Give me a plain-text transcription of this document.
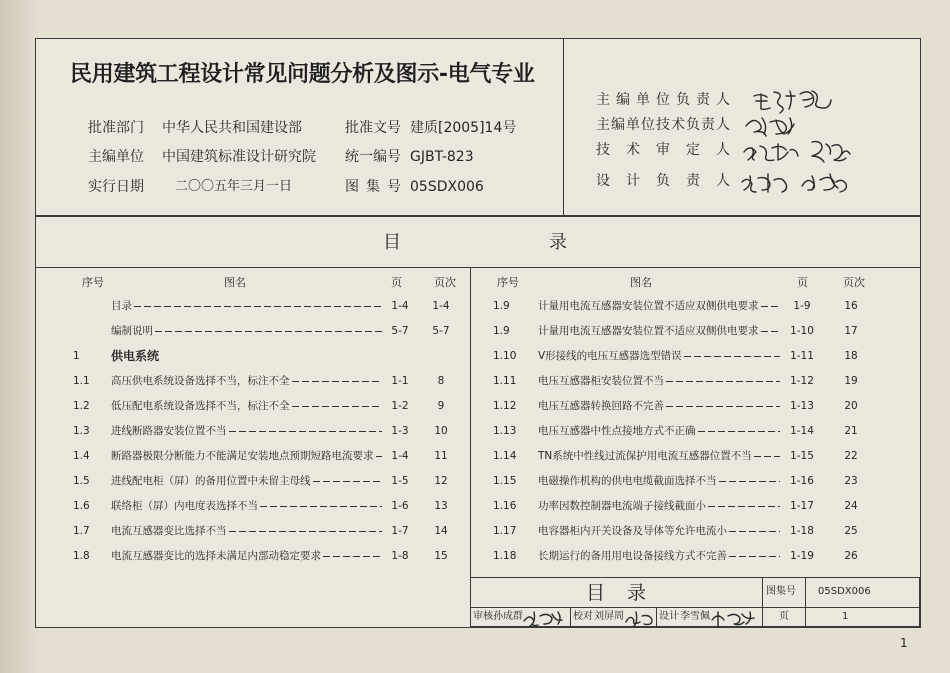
民用建筑工程设计常见问题分析及图示-电气专业
批准部门 中华人民共和国建设部	批准文号 建质[2005]14号
主编单位 中国建筑标准设计研究院 统一编号 GJBT-823
实行日期 二〇〇五年三月一日	图集号 05SDX006
主编单位负责人
主编单位技术负责人
技术审定人
设计负责人
目	录
序号	图名	页	页次	序号	图名	页	页次
目录	1-4	1-4
编制说明	5-7	5-7
1	供电系统
1.1	高压供电系统设备选择不当，标注不全	1-1	8
1.2	低压配电系统设备选择不当，标注不全	1-2	9
1.3	进线断路器安装位置不当	1-3	10
1.4	断路器极限分断能力不能满足安装地点预期短路电流要求	1-4	11
1.5	进线配电柜（屏）的备用位置中未留主母线	1-5	12
1.6	联络柜（屏）内电度表选择不当	1-6	13
1.7	电流互感器变比选择不当	1-7	14
1.8	电流互感器变比的选择未满足内部动稳定要求	1-8	15
1.9	计量用电流互感器安装位置不适应双侧供电要求	1-9	16
1.9	计量用电流互感器安装位置不适应双侧供电要求	1-10	17
1.10	V形接线的电压互感器选型错误	1-11	18
1.11	电压互感器柜安装位置不当	1-12	19
1.12	电压互感器转换回路不完善	1-13	20
1.13	电压互感器中性点接地方式不正确	1-14	21
1.14	TN系统中性线过流保护用电流互感器位置不当	1-15	22
1.15	电磁操作机构的供电电缆截面选择不当	1-16	23
1.16	功率因数控制器电流端子接线截面小	1-17	24
1.17	电容器柜内开关设备及导体等允许电流小	1-18	25
1.18	长期运行的备用用电设备接线方式不完善	1-19	26
目录	图集号 05SDX006
审核 孙成群	校对 刘屏周	设计 李雪佩	页	1
1
